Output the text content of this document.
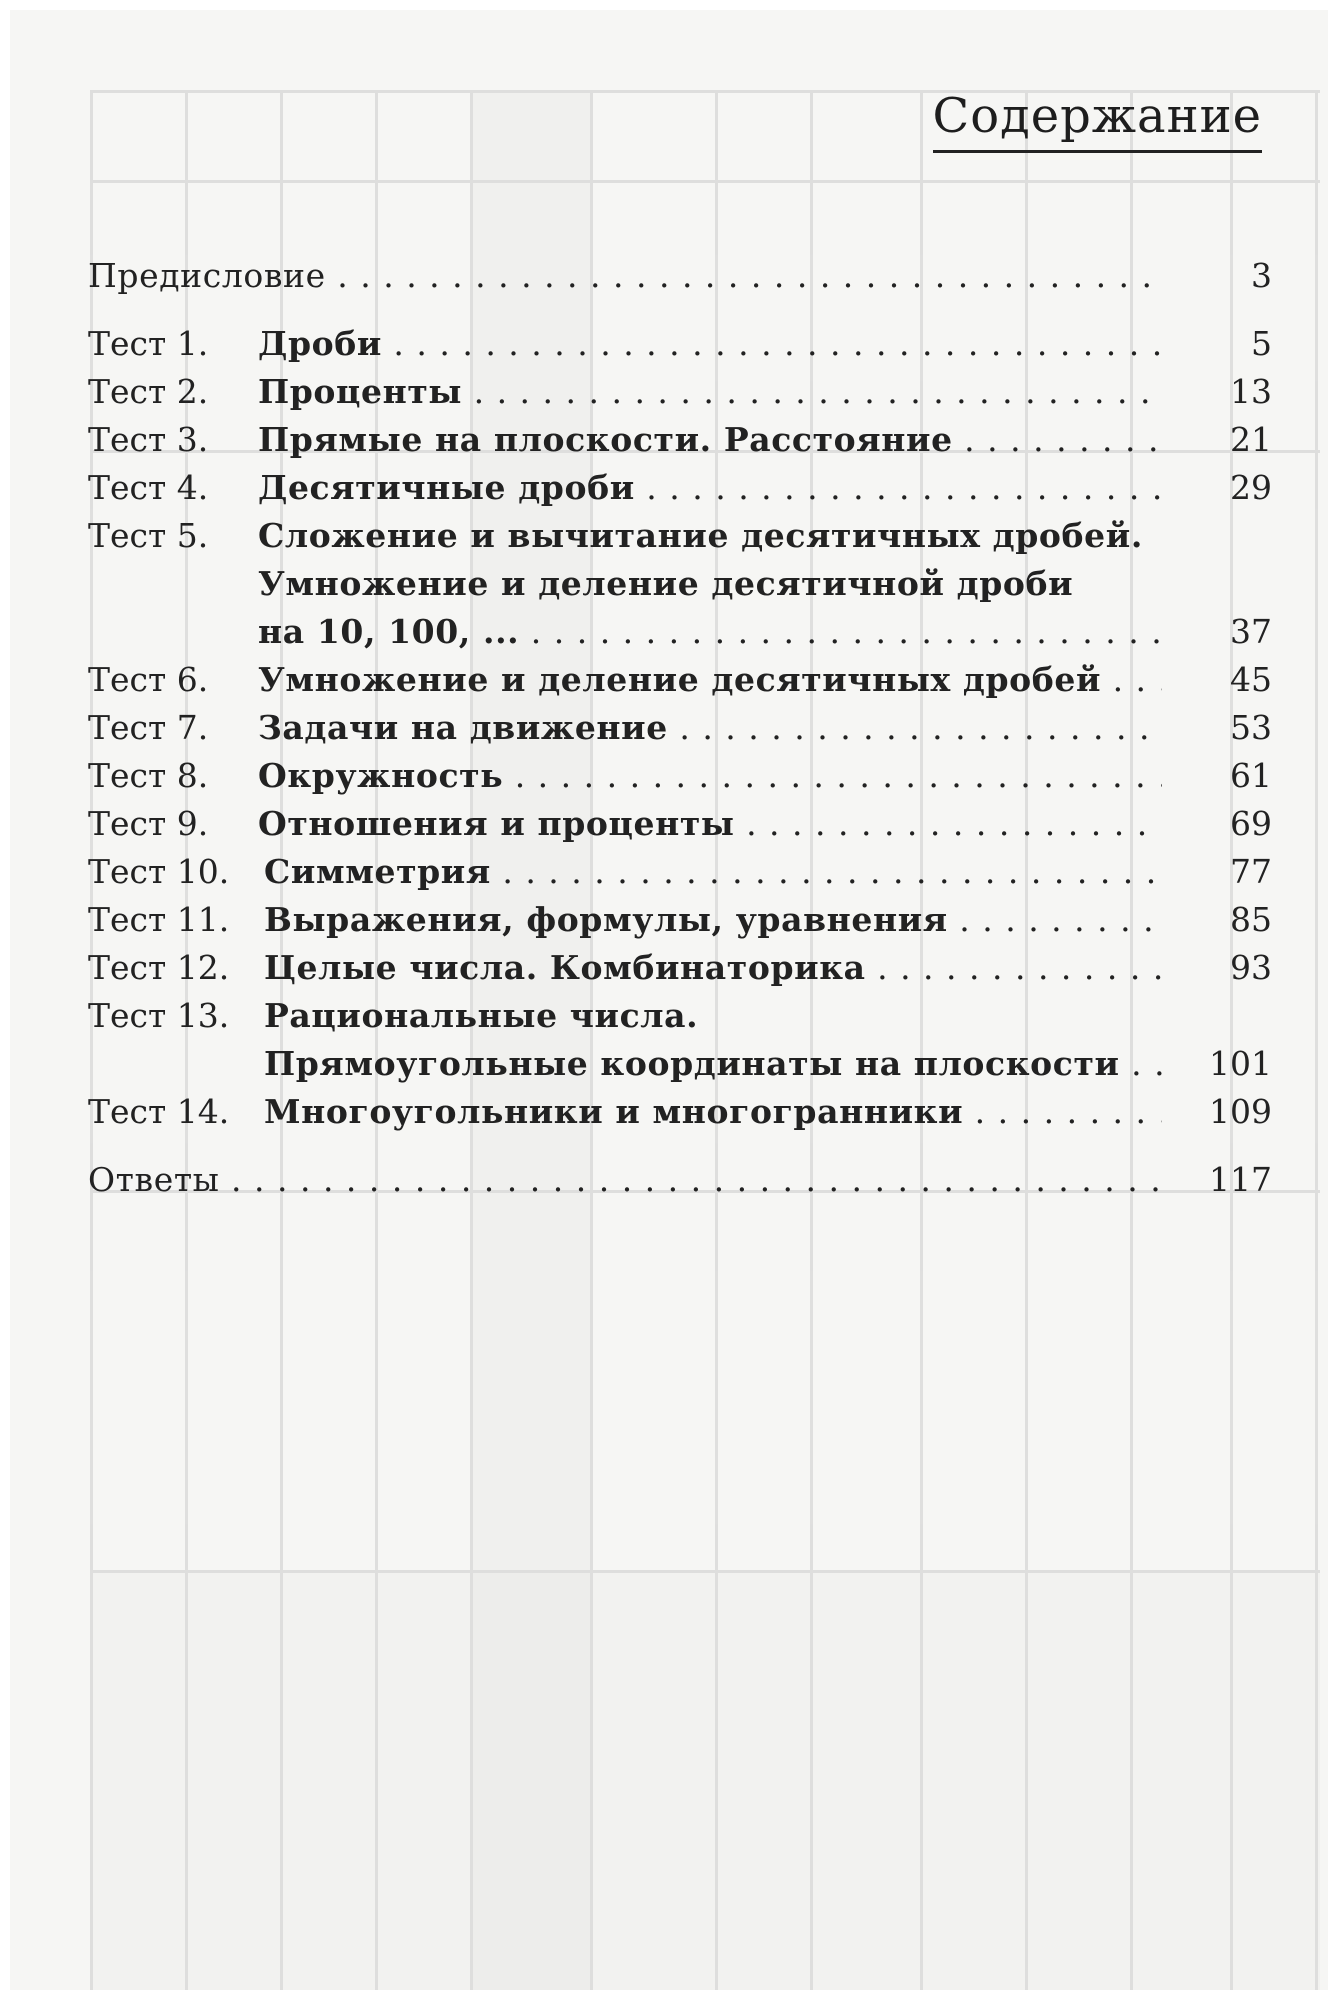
Содержание
Предисловие . . .	3
Тест 1. Дроби . . .	5
Тест 2. Проценты . . .	13
Тест 3. Прямые на плоскости. Расстояние . . .	21
Тест 4. Десятичные дроби . . .	29
Тест 5. Сложение и вычитание десятичных дробей.
Умножение и деление десятичной дроби
на 10, 100, ... . . .	37
Тест 6. Умножение и деление десятичных дробей . . .	45
Тест 7. Задачи на движение . . .	53
Тест 8. Окружность . . .	61
Тест 9. Отношения и проценты . . .	69
Тест 10. Симметрия . . .	77
Тест 11. Выражения, формулы, уравнения . . .	85
Тест 12. Целые числа. Комбинаторика . . .	93
Тест 13. Рациональные числа.
Прямоугольные координаты на плоскости . . .	101
Тест 14. Многоугольники и многогранники . . .	109
Ответы . . .	117
